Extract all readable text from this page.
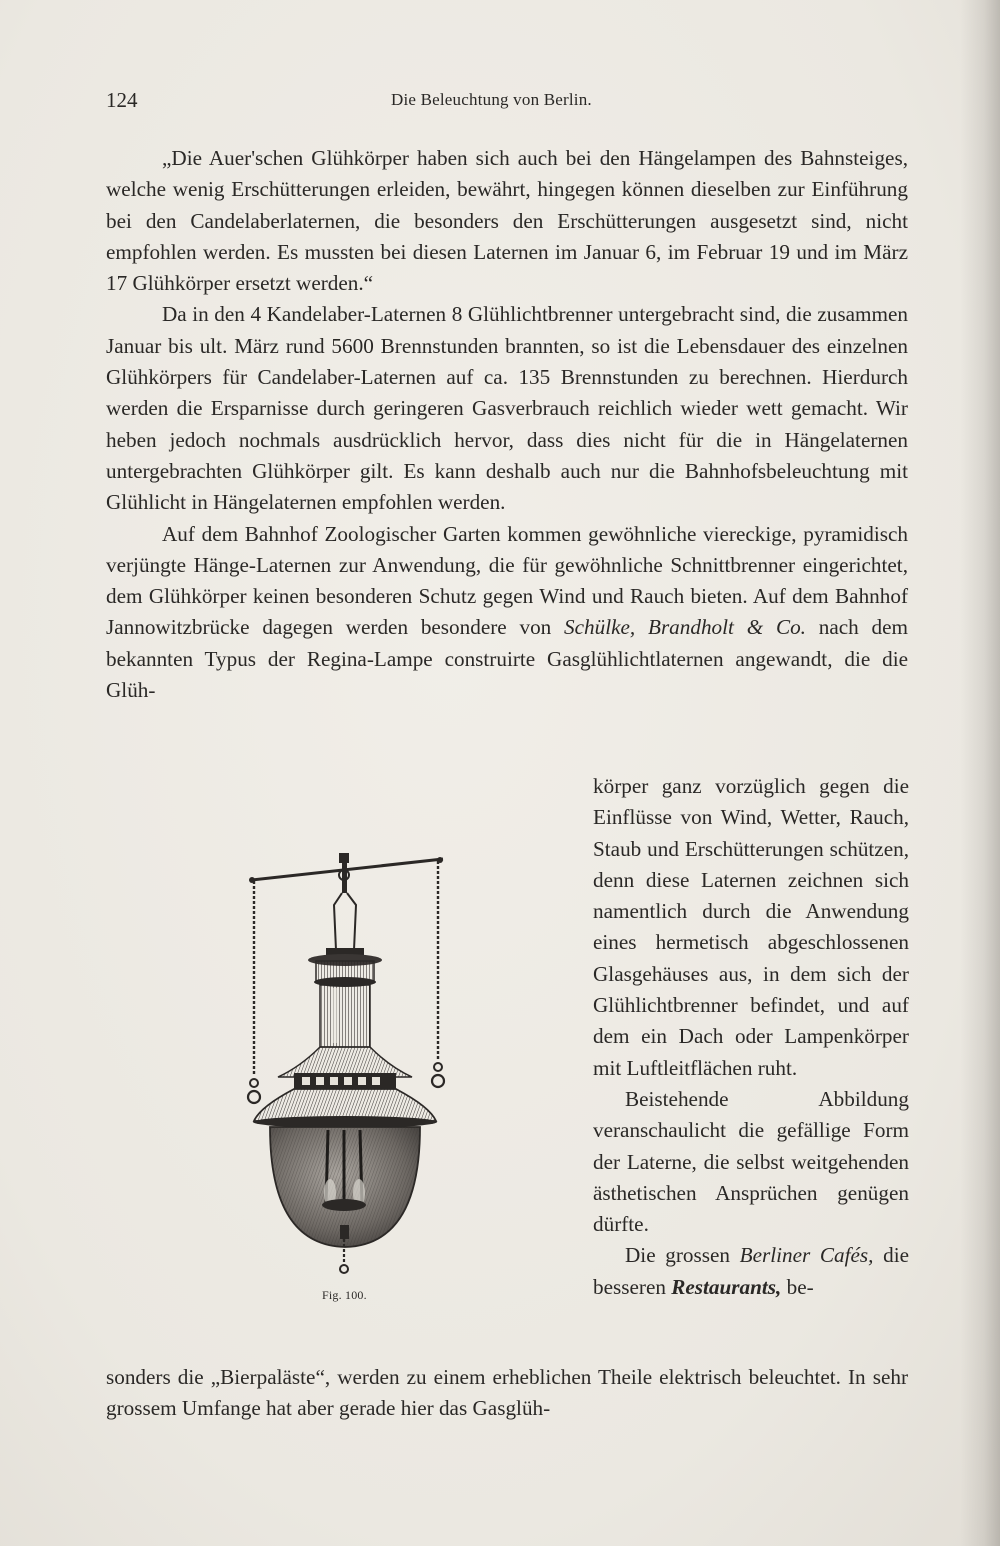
124	Die Beleuchtung von Berlin.

„Die Auer'schen Glühkörper haben sich auch bei den Hängelampen des Bahnsteiges, welche wenig Erschütterungen erleiden, bewährt, hingegen können dieselben zur Einführung bei den Candelaberlaternen, die besonders den Erschütterungen ausgesetzt sind, nicht empfohlen werden. Es mussten bei diesen Laternen im Januar 6, im Februar 19 und im März 17 Glühkörper ersetzt werden.“

Da in den 4 Kandelaber-Laternen 8 Glühlichtbrenner untergebracht sind, die zusammen Januar bis ult. März rund 5600 Brennstunden brannten, so ist die Lebensdauer des einzelnen Glühkörpers für Candelaber-Laternen auf ca. 135 Brennstunden zu berechnen. Hierdurch werden die Ersparnisse durch geringeren Gasverbrauch reichlich wieder wett gemacht. Wir heben jedoch nochmals ausdrücklich hervor, dass dies nicht für die in Hängelaternen untergebrachten Glühkörper gilt. Es kann deshalb auch nur die Bahnhofsbeleuchtung mit Glühlicht in Hängelaternen empfohlen werden.

Auf dem Bahnhof Zoologischer Garten kommen gewöhnliche viereckige, pyramidisch verjüngte Hänge-Laternen zur Anwendung, die für gewöhnliche Schnittbrenner eingerichtet, dem Glühkörper keinen besonderen Schutz gegen Wind und Rauch bieten. Auf dem Bahnhof Jannowitzbrücke dagegen werden besondere von Schülke, Brandholt & Co. nach dem bekannten Typus der Regina-Lampe construirte Gasglühlichtlaternen angewandt, die die Glüh-

körper ganz vorzüglich gegen die Einflüsse von Wind, Wetter, Rauch, Staub und Erschütterungen schützen, denn diese Laternen zeichnen sich namentlich durch die Anwendung eines hermetisch abgeschlossenen Glasgehäuses aus, in dem sich der Glühlichtbrenner befindet, und auf dem ein Dach oder Lampenkörper mit Luftleitflächen ruht.

Beistehende Abbildung veranschaulicht die gefällige Form der Laterne, die selbst weitgehenden ästhetischen Ansprüchen genügen dürfte.

Die grossen Berliner Cafés, die besseren Restaurants, be-

sonders die „Bierpaläste“, werden zu einem erheblichen Theile elektrisch beleuchtet. In sehr grossem Umfange hat aber gerade hier das Gasglüh-

Fig. 100.
